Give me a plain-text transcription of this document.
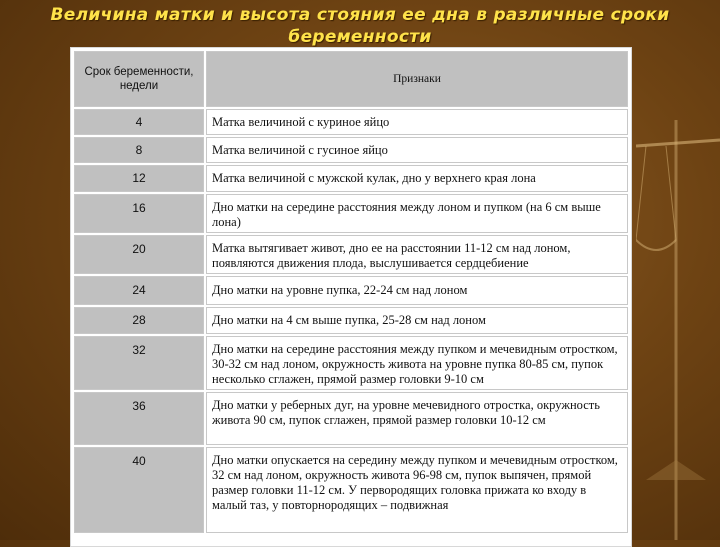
Величина матки и высота стояния ее дна в различные сроки
беременности
Срок беременности, недели	Признаки
4	Матка величиной с куриное яйцо
8	Матка величиной с гусиное яйцо
12	Матка величиной с мужской кулак, дно у верхнего края лона
16	Дно матки на середине расстояния между лоном и пупком (на 6 см выше лона)
20	Матка вытягивает живот, дно ее на расстоянии 11-12 см над лоном, появляются движения плода, выслушивается сердцебиение
24	Дно матки на уровне пупка, 22-24 см над лоном
28	Дно матки на 4 см выше пупка, 25-28 см над лоном
32	Дно матки на середине расстояния между пупком и мечевидным отростком, 30-32 см над лоном, окружность живота на уровне пупка 80-85 см, пупок несколько сглажен, прямой размер головки 9-10 см
36	Дно матки у реберных дуг, на уровне мечевидного отростка, окружность живота 90 см, пупок сглажен, прямой размер головки 10-12 см
40	Дно матки опускается на середину между пупком и мечевидным отростком, 32 см над лоном, окружность живота 96-98 см, пупок выпячен, прямой размер головки 11-12 см. У первородящих головка прижата ко входу в малый таз, у повторнородящих – подвижная
